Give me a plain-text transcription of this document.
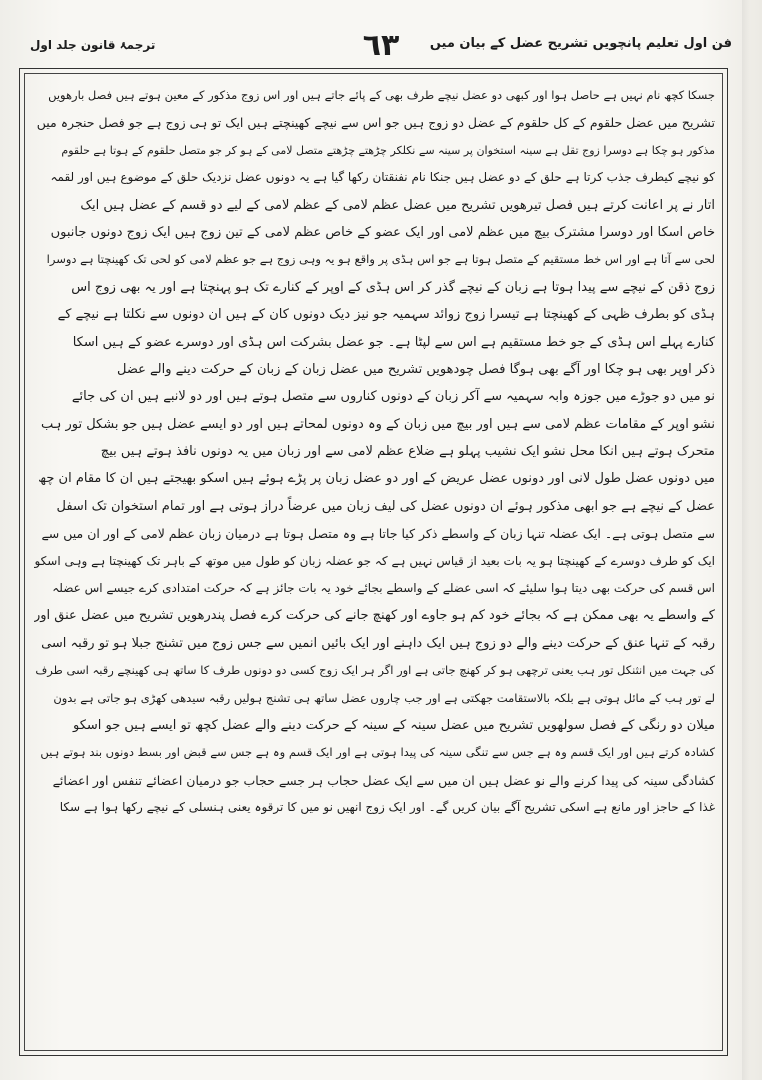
فن اول تعلیم پانچویں تشریح عضل کے بیان میں
٦٣
ترجمۂ قانون جلد اول
جسکا کچھ نام نہیں ہے حاصل ہوا اور کبھی دو عضل نیچے طرف بھی کے پائے جاتے ہیں اور اس زوج مذکور کے معین ہوتے ہیں فصل بارھویں
تشریح میں عضل حلقوم کے کل حلقوم کے عضل دو زوج ہیں جو اس سے نیچے کھینچتے ہیں ایک تو ہی زوج ہے جو فصل حنجرہ میں
مذکور ہو چکا ہے دوسرا زوج تقل ہے سینہ استخوان پر سینہ سے نکلکر چڑھتے چڑھتے متصل لامی کے ہو کر جو متصل حلقوم کے ہوتا ہے حلقوم
کو نیچے کیطرف جذب کرتا ہے حلق کے دو عضل ہیں جنکا نام نفنقتان رکھا گیا ہے یہ دونوں عضل نزدیک حلق کے موضوع ہیں اور لقمہ
اتار نے پر اعانت کرتے ہیں فصل تیرھویں تشریح میں عضل عظم لامی کے عظم لامی کے لیے دو قسم کے عضل ہیں ایک
خاص اسکا اور دوسرا مشترک بیچ میں عظم لامی اور ایک عضو کے خاص عظم لامی کے تین زوج ہیں ایک زوج دونوں جانبوں
لحی سے آتا ہے اور اس خط مستقیم کے متصل ہوتا ہے جو اس ہڈی پر واقع ہو یہ وہی زوج ہے جو عظم لامی کو لحی تک کھینچتا ہے دوسرا
زوج ذقن کے نیچے سے پیدا ہوتا ہے زبان کے نیچے گذر کر اس ہڈی کے اوپر کے کنارے تک ہو پہنچتا ہے اور یہ بھی زوج اس
ہڈی کو بطرف ظہی کے کھینچتا ہے تیسرا زوج زوائد سہمیہ جو نیز دیک دونوں کان کے ہیں ان دونوں سے نکلتا ہے نیچے کے
کنارے پہلے اس ہڈی کے جو خط مستقیم ہے اس سے لپٹا ہے۔ جو عضل بشرکت اس ہڈی اور دوسرے عضو کے ہیں اسکا
ذکر اوپر بھی ہو چکا اور آگے بھی ہوگا فصل چودھویں تشریح میں عضل زبان کے زبان کے حرکت دینے والے عضل
نو میں دو جوڑے میں جوزہ وابہ سہمیہ سے آکر زبان کے دونوں کناروں سے متصل ہوتے ہیں اور دو لانبے ہیں ان کی جائے
نشو اوپر کے مقامات عظم لامی سے ہیں اور بیچ میں زبان کے وہ دونوں لمحاتے ہیں اور دو ایسے عضل ہیں جو بشکل تور ہب
متحرک ہوتے ہیں انکا محل نشو ایک نشیب پہلو ہے ضلاع عظم لامی سے اور زبان میں یہ دونوں نافذ ہوتے ہیں بیچ
میں دونوں عضل طول لانی اور دونوں عضل عریض کے اور دو عضل زبان پر پڑے ہوئے ہیں اسکو بھیجتے ہیں ان کا مقام ان چھ
عضل کے نیچے ہے جو ابھی مذکور ہوئے ان دونوں عضل کی لیف زبان میں عرضاً دراز ہوتی ہے اور تمام استخوان تک اسفل
سے متصل ہوتی ہے۔ ایک عضلہ تنہا زبان کے واسطے ذکر کیا جاتا ہے وہ متصل ہوتا ہے درمیان زبان عظم لامی کے اور ان میں سے
ایک کو طرف دوسرے کے کھینچتا ہو یہ بات بعید از قیاس نہیں ہے کہ جو عضلہ زبان کو طول میں موتھ کے باہر تک کھینچتا ہے وہی اسکو
اس قسم کی حرکت بھی دیتا ہوا سلیئے کہ اسی عضلے کے واسطے بجائے خود یہ بات جائز ہے کہ حرکت امتدادی کرے جیسے اس عضلہ
کے واسطے یہ بھی ممکن ہے کہ بجائے خود کم ہو جاوے اور کھنچ جانے کی حرکت کرے فصل پندرھویں تشریح میں عضل عنق اور
رقبہ کے تنہا عنق کے حرکت دینے والے دو زوج ہیں ایک داہنے اور ایک بائیں انمیں سے جس زوج میں تشنج جبلا ہو تو رقبہ اسی
کی جہت میں انثنکل تور ہب یعنی ترچھی ہو کر کھنچ جاتی ہے اور اگر ہر ایک زوج کسی دو دونوں طرف کا ساتھ ہی کھینچے رقبہ اسی طرف
لے تور ہب کے مائل ہوتی ہے بلکہ بالاستقامت جھکتی ہے اور جب چاروں عضل ساتھ ہی تشنج ہولیں رقبہ سیدھی کھڑی ہو جاتی ہے بدون
میلان دو رنگی کے فصل سولھویں تشریح میں عضل سینہ کے سینہ کے حرکت دینے والے عضل کچھ تو ایسے ہیں جو اسکو
کشادہ کرتے ہیں اور ایک قسم وہ ہے جس سے تنگی سینہ کی پیدا ہوتی ہے اور ایک قسم وہ ہے جس سے قبض اور بسط دونوں بند ہوتے ہیں
کشادگی سینہ کی پیدا کرنے والے نو عضل ہیں ان میں سے ایک عضل حجاب ہر جسے حجاب جو درمیان اعضائے تنفس اور اعضائے
غذا کے حاجز اور مانع ہے اسکی تشریح آگے بیان کریں گے۔ اور ایک زوج انھیں نو میں کا ترقوہ یعنی ہنسلی کے نیچے رکھا ہوا ہے سکا
